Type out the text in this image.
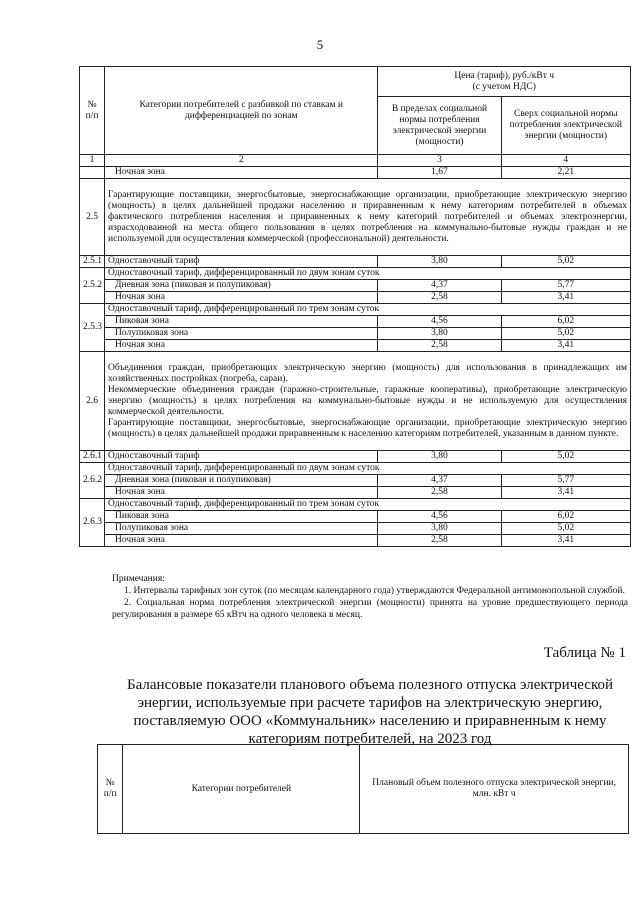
5
№
п/п	Категории потребителей с разбивкой по ставкам и дифференциацией по зонам	Цена (тариф), руб./кВт ч
(с учетом НДС)	
		В пределах социальной нормы потребления электрической энергии (мощности)	Сверх социальной нормы потребления электрической энергии (мощности)
1	2	3	4
	Ночная зона	1,67	2,21
2.5	Гарантирующие поставщики, энергосбытовые, энергоснабжающие организации, приобретающие электрическую энергию (мощность) в целях дальнейшей продажи населению и приравненным к нему категориям потребителей в объемах фактического потребления населения и приравненных к нему категорий потребителей и объемах электроэнергии, израсходованной на места общего пользования в целях потребления на коммунально-бытовые нужды граждан и не используемой для осуществления коммерческой (профессиональной) деятельности.		
2.5.1	Одноставочный тариф	3,80	5,02
2.5.2	Одноставочный тариф, дифференцированный по двум зонам суток		
	Дневная зона (пиковая и полупиковая)	4,37	5,77
	Ночная зона	2,58	3,41
2.5.3	Одноставочный тариф, дифференцированный по трем зонам суток		
	Пиковая зона	4,56	6,02
	Полупиковая зона	3,80	5,02
	Ночная зона	2,58	3,41
2.6	Объединения граждан, приобретающих электрическую энергию (мощность) для использования в принадлежащих им хозяйственных постройках (погреба, сараи).
Некоммерческие объединения граждан (гаражно-строительные, гаражные кооперативы), приобретающие электрическую энергию (мощность) в целях потребления на коммунально-бытовые нужды и не используемую для осуществления коммерческой деятельности.
Гарантирующие поставщики, энергосбытовые, энергоснабжающие организации, приобретающие электрическую энергию (мощность) в целях дальнейшей продажи приравненным к населению категориям потребителей, указанным в данном пункте.		

2.6.1	Одноставочный тариф	3,80	5,02
2.6.2	Одноставочный тариф, дифференцированный по двум зонам суток		
	Дневная зона (пиковая и полупиковая)	4,37	5,77
	Ночная зона	2,58	3,41
2.6.3	Одноставочный тариф, дифференцированный по трем зонам суток		
	Пиковая зона	4,56	6,02
	Полупиковая зона	3,80	5,02
	Ночная зона	2,58	3,41

Примечания:

1. Интервалы тарифных зон суток (по месяцам календарного года) утверждаются Федеральной антимонопольной службой.

2. Социальная норма потребления электрической энергии (мощности) принята на уровне предшествующего периода регулирования в размере 65 кВтч на одного человека в месяц.

Таблица № 1
Балансовые показатели планового объема полезного отпуска электрической энергии, используемые при расчете тарифов на электрическую энергию, поставляемую ООО «Коммунальник» населению и приравненным к нему категориям потребителей, на 2023 год
№
п/п	Категории потребителей	Плановый объем полезного отпуска электрической энергии,
млн. кВт ч
